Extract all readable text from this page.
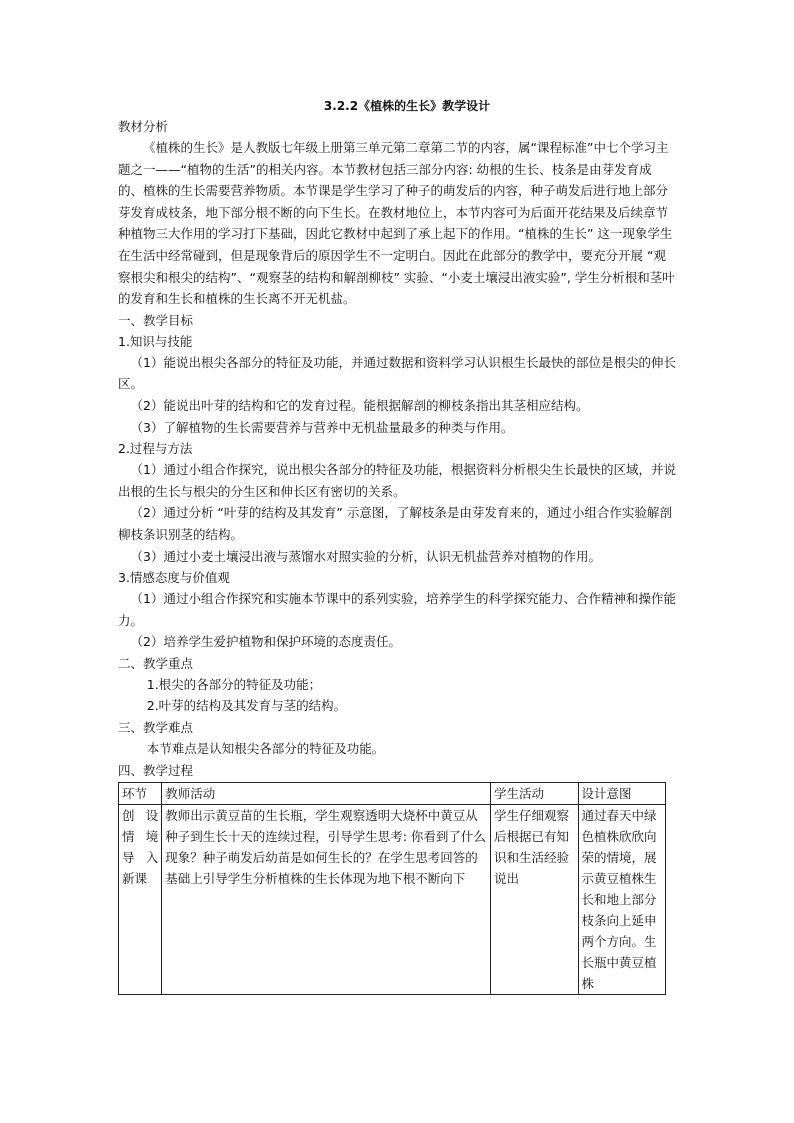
3.2.2《植株的生长》教学设计

教材分析

《植株的生长》是人教版七年级上册第三单元第二章第二节的内容，属“课程标准”中七个学习主题之一——“植物的生活”的相关内容。本节教材包括三部分内容: 幼根的生长、枝条是由芽发育成的、植株的生长需要营养物质。本节课是学生学习了种子的萌发后的内容，种子萌发后进行地上部分芽发育成枝条，地下部分根不断的向下生长。在教材地位上，本节内容可为后面开花结果及后续章节种植物三大作用的学习打下基础，因此它教材中起到了承上起下的作用。“植株的生长” 这一现象学生在生活中经常碰到，但是现象背后的原因学生不一定明白。因此在此部分的教学中，要充分开展 “观察根尖和根尖的结构”、“观察茎的结构和解剖柳枝” 实验、“小麦土壤浸出液实验”, 学生分析根和茎叶的发育和生长和植株的生长离不开无机盐。

一、教学目标

1.知识与技能

（1）能说出根尖各部分的特征及功能，并通过数据和资料学习认识根生长最快的部位是根尖的伸长区。

（2）能说出叶芽的结构和它的发育过程。能根据解剖的柳枝条指出其茎相应结构。

（3）了解植物的生长需要营养与营养中无机盐量最多的种类与作用。

2.过程与方法

（1）通过小组合作探究，说出根尖各部分的特征及功能，根据资料分析根尖生长最快的区域，并说出根的生长与根尖的分生区和伸长区有密切的关系。

（2）通过分析 “叶芽的结构及其发育” 示意图，了解枝条是由芽发育来的，通过小组合作实验解剖柳枝条识别茎的结构。

（3）通过小麦土壤浸出液与蒸馏水对照实验的分析，认识无机盐营养对植物的作用。

3.情感态度与价值观

（1）通过小组合作探究和实施本节课中的系列实验，培养学生的科学探究能力、合作精神和操作能力。

（2）培养学生爱护植物和保护环境的态度责任。

二、教学重点

1.根尖的各部分的特征及功能；

2.叶芽的结构及其发育与茎的结构。

三、教学难点

本节难点是认知根尖各部分的特征及功能。

四、教学过程

环节	教师活动	学生活动	设计意图
创设情境导入新课	教师出示黄豆苗的生长瓶，学生观察透明大烧杯中黄豆从种子到生长十天的连续过程，引导学生思考: 你看到了什么现象？种子萌发后幼苗是如何生长的？在学生思考回答的基础上引导学生分析植株的生长体现为地下根不断向下	学生仔细观察后根据已有知识和生活经验说出	通过春天中绿色植株欣欣向荣的情境，展示黄豆植株生长和地上部分枝条向上延申两个方向。生长瓶中黄豆植株
